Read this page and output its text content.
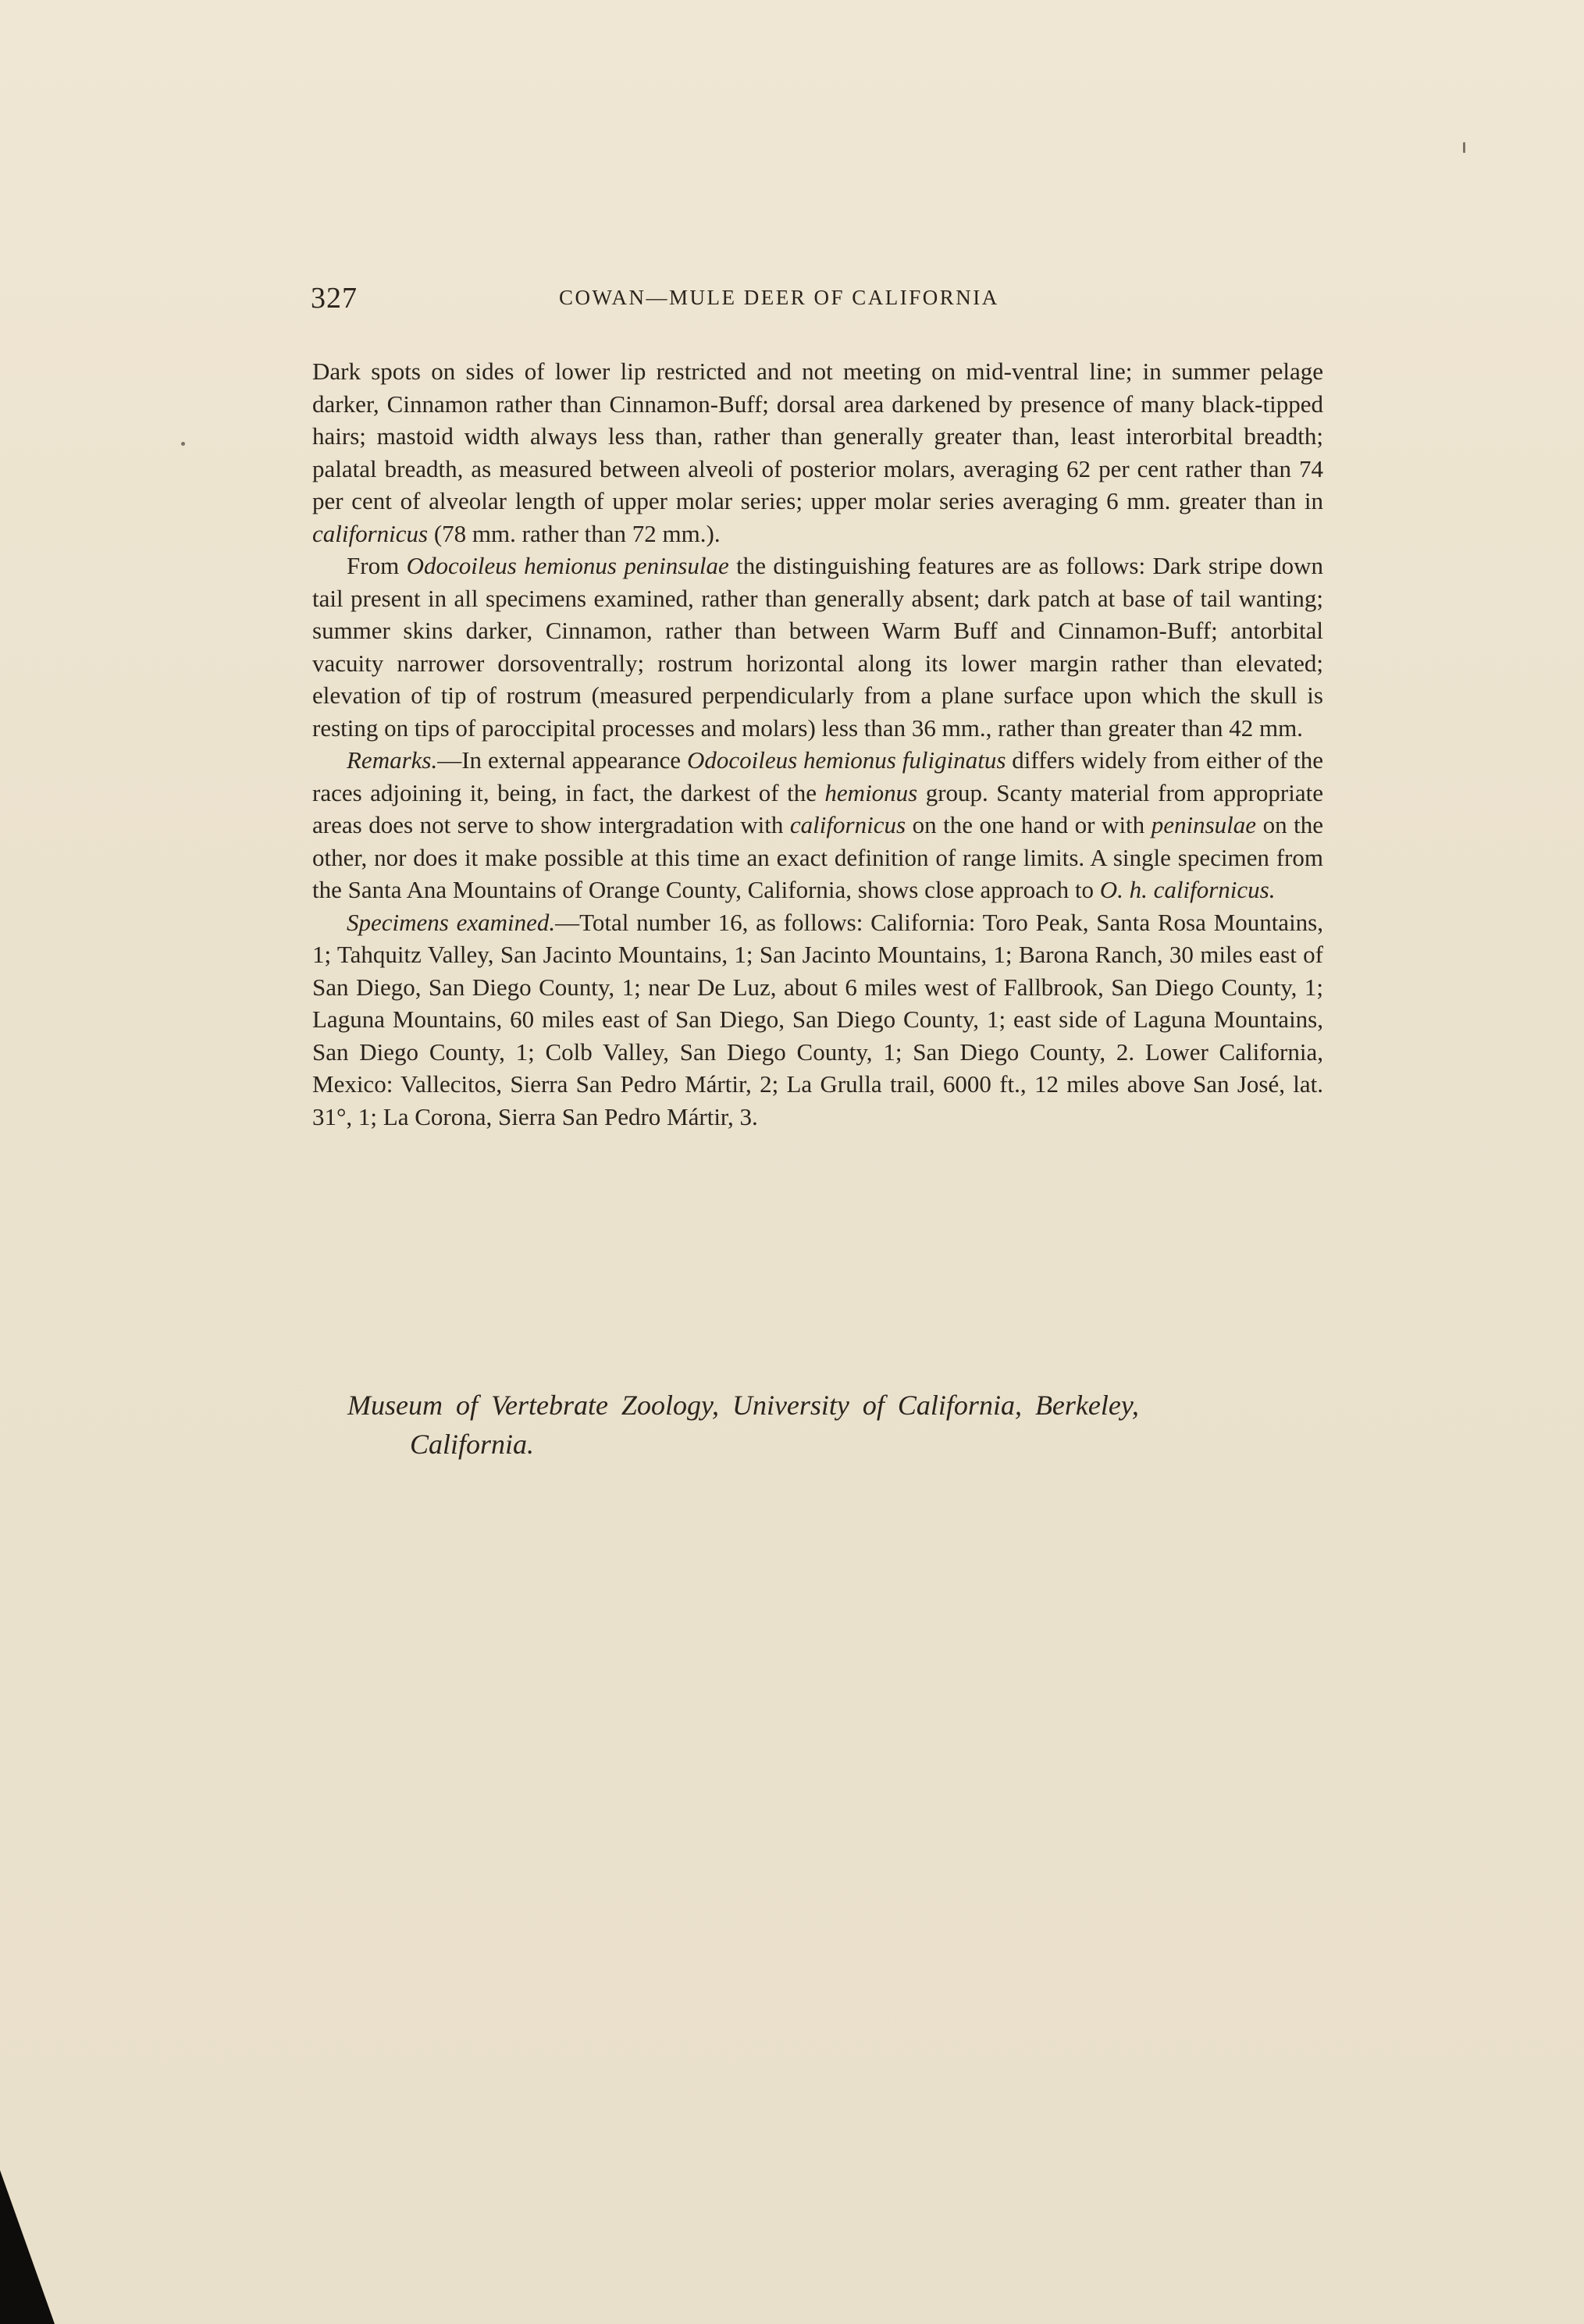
327	COWAN—MULE DEER OF CALIFORNIA

Dark spots on sides of lower lip restricted and not meeting on mid-ventral line; in summer pelage darker, Cinnamon rather than Cinnamon-Buff; dorsal area darkened by presence of many black-tipped hairs; mastoid width always less than, rather than generally greater than, least interorbital breadth; palatal breadth, as measured between alveoli of posterior molars, averaging 62 per cent rather than 74 per cent of alveolar length of upper molar series; upper molar series averaging 6 mm. greater than in californicus (78 mm. rather than 72 mm.).

From Odocoileus hemionus peninsulae the distinguishing features are as follows: Dark stripe down tail present in all specimens examined, rather than generally absent; dark patch at base of tail wanting; summer skins darker, Cinnamon, rather than between Warm Buff and Cinnamon-Buff; antorbital vacuity narrower dorsoventrally; rostrum horizontal along its lower margin rather than elevated; elevation of tip of rostrum (measured perpendicularly from a plane surface upon which the skull is resting on tips of paroccipital processes and molars) less than 36 mm., rather than greater than 42 mm.

Remarks.—In external appearance Odocoileus hemionus fuliginatus differs widely from either of the races adjoining it, being, in fact, the darkest of the hemionus group. Scanty material from appropriate areas does not serve to show intergradation with californicus on the one hand or with peninsulae on the other, nor does it make possible at this time an exact definition of range limits. A single specimen from the Santa Ana Mountains of Orange County, California, shows close approach to O. h. californicus.

Specimens examined.—Total number 16, as follows: California: Toro Peak, Santa Rosa Mountains, 1; Tahquitz Valley, San Jacinto Mountains, 1; San Jacinto Mountains, 1; Barona Ranch, 30 miles east of San Diego, San Diego County, 1; near De Luz, about 6 miles west of Fallbrook, San Diego County, 1; Laguna Mountains, 60 miles east of San Diego, San Diego County, 1; east side of Laguna Mountains, San Diego County, 1; Colb Valley, San Diego County, 1; San Diego County, 2. Lower California, Mexico: Vallecitos, Sierra San Pedro Mártir, 2; La Grulla trail, 6000 ft., 12 miles above San José, lat. 31°, 1; La Corona, Sierra San Pedro Mártir, 3.

Museum of Vertebrate Zoology, University of California, Berkeley,
California.
